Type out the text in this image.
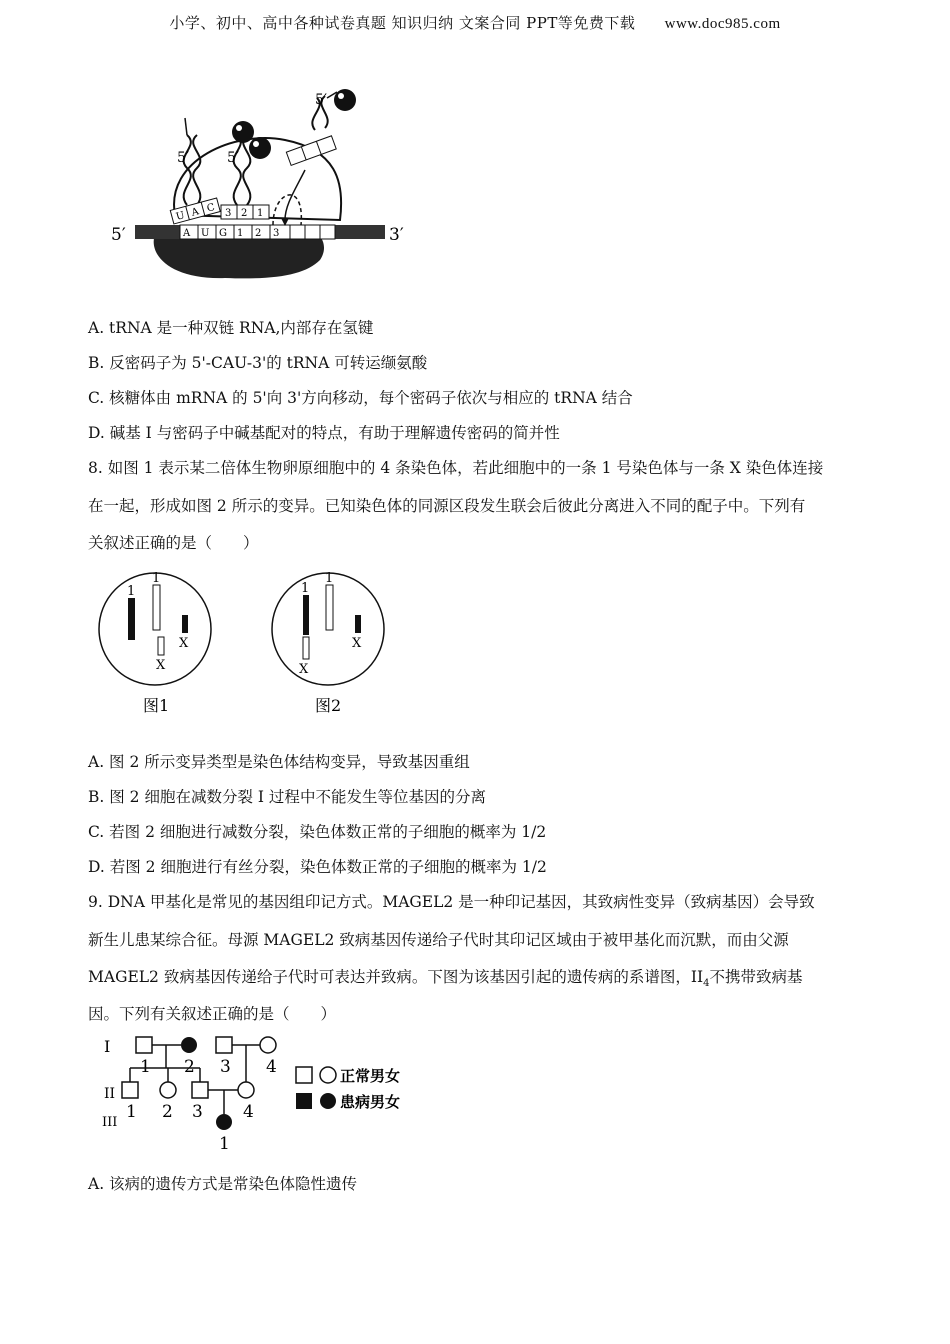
小学、初中、高中各种试卷真题 知识归纳 文案合同 PPT等免费下载 www.doc985.com
A U G 1 2 3
5′	3′
U A C
5′
3 2 1
5′
5′
A. tRNA 是一种双链 RNA,内部存在氢键
B. 反密码子为 5'-CAU-3'的 tRNA 可转运缬氨酸
C. 核糖体由 mRNA 的 5'向 3'方向移动，每个密码子依次与相应的 tRNA 结合
D. 碱基 I 与密码子中碱基配对的特点，有助于理解遗传密码的简并性
8. 如图 1 表示某二倍体生物卵原细胞中的 4 条染色体，若此细胞中的一条 1 号染色体与一条 X 染色体连接
在一起，形成如图 2 所示的变异。已知染色体的同源区段发生联会后彼此分离进入不同的配子中。下列有
关叙述正确的是（　　）
1
1
X
X
图1
1
X
1
X
图2
A. 图 2 所示变异类型是染色体结构变异，导致基因重组
B. 图 2 细胞在减数分裂 I 过程中不能发生等位基因的分离
C. 若图 2 细胞进行减数分裂，染色体数正常的子细胞的概率为 1/2
D. 若图 2 细胞进行有丝分裂，染色体数正常的子细胞的概率为 1/2
9. DNA 甲基化是常见的基因组印记方式。MAGEL2 是一种印记基因，其致病性变异（致病基因）会导致
新生儿患某综合征。母源 MAGEL2 致病基因传递给子代时其印记区域由于被甲基化而沉默，而由父源
MAGEL2 致病基因传递给子代时可表达并致病。下图为该基因引起的遗传病的系谱图，$II_4$不携带致病基
因。下列有关叙述正确的是（　　）
I
II
III
1 2 3 4
1 2 3 4
1
正常男女
患病男女
A. 该病的遗传方式是常染色体隐性遗传
